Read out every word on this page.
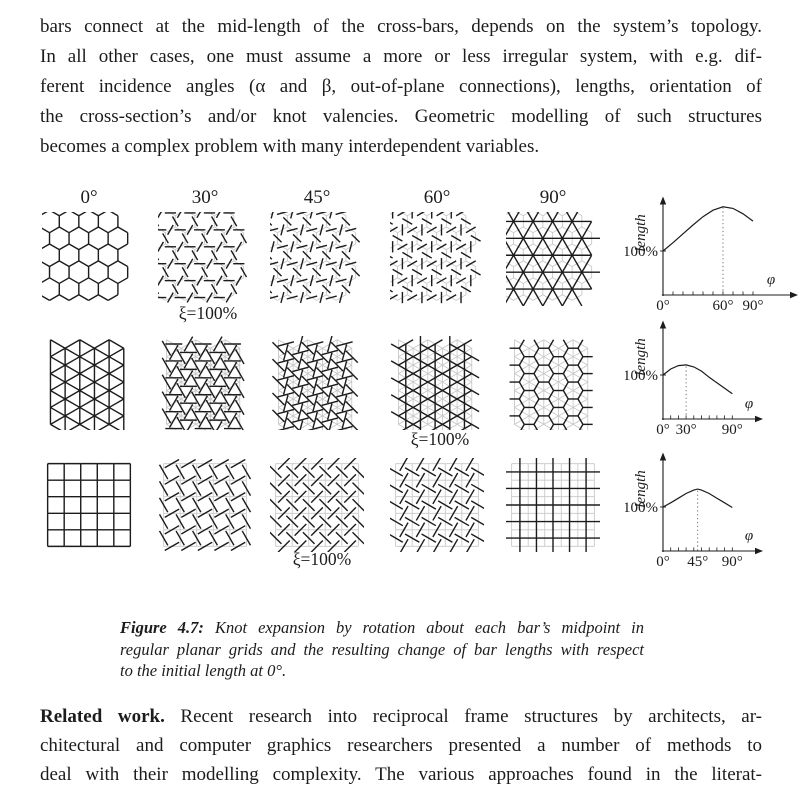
bars connect at the mid-length of the cross-bars, depends on the system’s topology.
In all other cases, one must assume a more or less irregular system, with e.g. dif-
ferent incidence angles (α and β, out-of-plane connections), lengths, orientation of
the cross-section’s and/or knot valencies. Geometric modelling of such structures
becomes a complex problem with many interdependent variables.
0°	30°	45°	60°	90°
ξ=100%
ξ=100%
ξ=100%
100%
length
φ
0°	60° 90°
100%
length
φ
0° 30° 90°
100%
length
φ
0° 45° 90°
Figure 4.7: Knot expansion by rotation about each bar’s midpoint in
regular planar grids and the resulting change of bar lengths with respect
to the initial length at 0°.
Related work. Recent research into reciprocal frame structures by architects, ar-
chitectural and computer graphics researchers presented a number of methods to
deal with their modelling complexity. The various approaches found in the literat-
